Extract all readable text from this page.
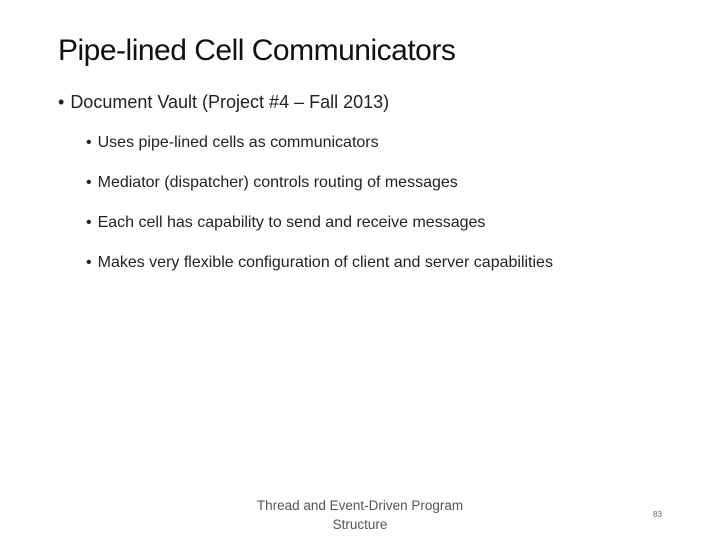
Pipe-lined Cell Communicators
• Document Vault (Project #4 – Fall 2013)
• Uses pipe-lined cells as communicators
• Mediator (dispatcher) controls routing of messages
• Each cell has capability to send and receive messages
• Makes very flexible configuration of client and server capabilities
Thread and Event-Driven Program
Structure
83
